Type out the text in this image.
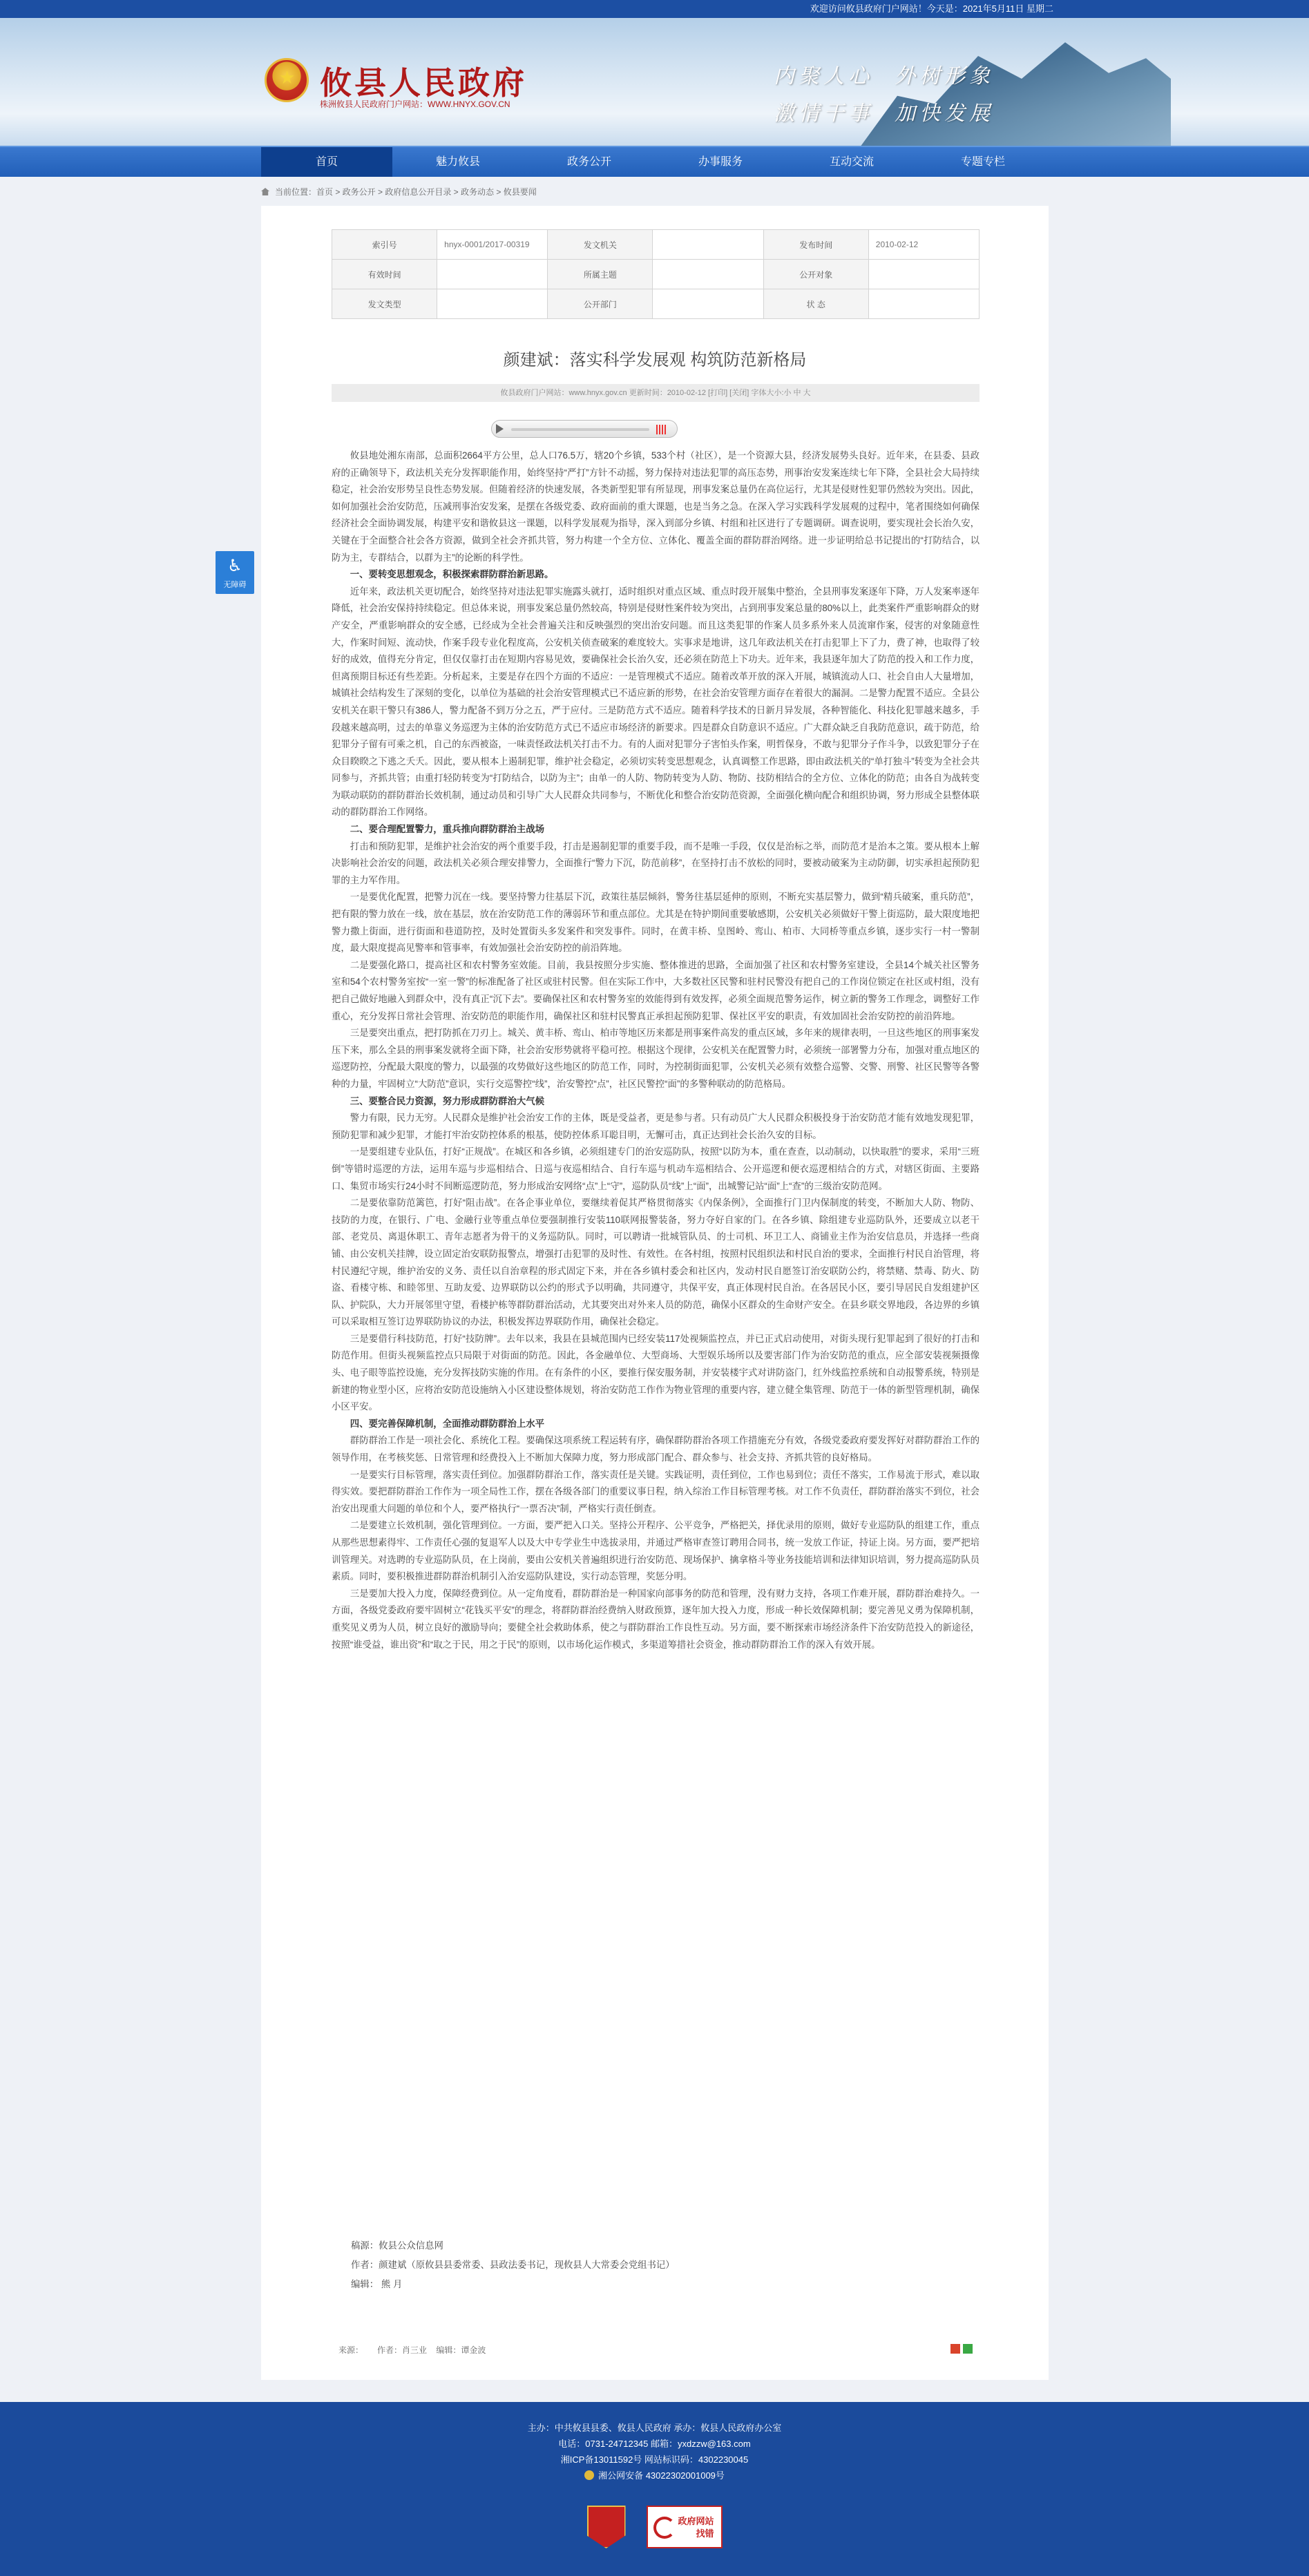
欢迎访问攸县政府门户网站！今天是：2021年5月11日 星期二
★
攸县人民政府
株洲攸县人民政府门户网站：WWW.HNYX.GOV.CN
内聚人心  外树形象
激情干事  加快发展
首页	魅力攸县	政务公开	办事服务	互动交流	专题专栏
当前位置：首页 > 政务公开 > 政府信息公开目录 > 政务动态 > 攸县要闻
♿
无障碍
索引号	hnyx-0001/2017-00319	发文机关		发布时间	2010-02-12
有效时间		所属主题		公开对象	
发文类型		公开部门		状 态	
颜建斌：落实科学发展观 构筑防范新格局
攸县政府门户网站：www.hnyx.gov.cn 更新时间：2010-02-12 [打印] [关闭] 字体大小:小 中 大

攸县地处湘东南部，总面积2664平方公里，总人口76.5万，辖20个乡镇，533个村（社区），是一个资源大县，经济发展势头良好。近年来，在县委、县政府的正确领导下，政法机关充分发挥职能作用，始终坚持“严打”方针不动摇，努力保持对违法犯罪的高压态势，刑事治安发案连续七年下降，全县社会大局持续稳定，社会治安形势呈良性态势发展。但随着经济的快速发展，各类新型犯罪有所显现，刑事发案总量仍在高位运行，尤其是侵财性犯罪仍然较为突出。因此，如何加强社会治安防范，压减刑事治安发案，是摆在各级党委、政府面前的重大课题，也是当务之急。在深入学习实践科学发展观的过程中，笔者围绕如何确保经济社会全面协调发展，构建平安和谐攸县这一课题，以科学发展观为指导，深入到部分乡镇、村组和社区进行了专题调研。调查说明，要实现社会长治久安，关键在于全面整合社会各方资源，做到全社会齐抓共管，努力构建一个全方位、立体化、覆盖全面的群防群治网络。进一步证明给总书记提出的“打防结合，以防为主，专群结合，以群为主”的论断的科学性。

一、要转变思想观念，积极探索群防群治新思路。

近年来，政法机关更切配合，始终坚持对违法犯罪实施露头就打，适时组织对重点区域、重点时段开展集中整治，全县刑事发案逐年下降，万人发案率逐年降低，社会治安保持持续稳定。但总体来说，刑事发案总量仍然较高，特别是侵财性案件较为突出，占到刑事发案总量的80%以上，此类案件严重影响群众的财产安全，严重影响群众的安全感，已经成为全社会普遍关注和反映强烈的突出治安问题。而且这类犯罪的作案人员多系外来人员流窜作案，侵害的对象随意性大，作案时间短、流动快，作案手段专业化程度高，公安机关侦查破案的难度较大。实事求是地讲，这几年政法机关在打击犯罪上下了力，费了神，也取得了较好的成效，值得充分肯定，但仅仅靠打击在短期内容易见效，要确保社会长治久安，还必须在防范上下功夫。近年来，我县逐年加大了防范的投入和工作力度，但离预期目标还有些差距。分析起来，主要是存在四个方面的不适应：一是管理模式不适应。随着改革开放的深入开展，城镇流动人口、社会自由人大量增加，城镇社会结构发生了深刻的变化，以单位为基础的社会治安管理模式已不适应新的形势，在社会治安管理方面存在着很大的漏洞。二是警力配置不适应。全县公安机关在职干警只有386人，警力配备不到万分之五，严于应付。三是防范方式不适应。随着科学技术的日新月异发展，各种智能化、科技化犯罪越来越多，手段越来越高明，过去的单靠义务巡逻为主体的治安防范方式已不适应市场经济的新要求。四是群众自防意识不适应。广大群众缺乏自我防范意识，疏于防范，给犯罪分子留有可乘之机，自己的东西被盗，一味责怪政法机关打击不力。有的人面对犯罪分子害怕头作案，明哲保身，不敢与犯罪分子作斗争，以致犯罪分子在众目睽睽之下逃之夭夭。因此，要从根本上遏制犯罪，维护社会稳定，必须切实转变思想观念，认真调整工作思路，即由政法机关的“单打独斗”转变为全社会共同参与，齐抓共管；由重打轻防转变为“打防结合，以防为主”；由单一的人防、物防转变为人防、物防、技防相结合的全方位、立体化的防范；由各自为战转变为联动联防的群防群治长效机制，通过动员和引导广大人民群众共同参与，不断优化和整合治安防范资源，全面强化横向配合和组织协调，努力形成全县整体联动的群防群治工作网络。

二、要合理配置警力，重兵推向群防群治主战场

打击和预防犯罪，是维护社会治安的两个重要手段，打击是遏制犯罪的重要手段，而不是唯一手段，仅仅是治标之举，而防范才是治本之策。要从根本上解决影响社会治安的问题，政法机关必须合理安排警力，全面推行“警力下沉，防范前移”，在坚持打击不放松的同时，要被动破案为主动防御，切实承担起预防犯罪的主力军作用。

一是要优化配置，把警力沉在一线。要坚持警力往基层下沉，政策往基层倾斜，警务往基层延伸的原则，不断充实基层警力，做到“精兵破案，重兵防范”，把有限的警力放在一线，放在基层，放在治安防范工作的薄弱环节和重点部位。尤其是在特护期间重要敏感期，公安机关必须做好干警上街巡防，最大限度地把警力撒上街面，进行街面和巷道防控，及时处置街头多发案件和突发事件。同时，在黄丰桥、皇图岭、鸾山、柏市、大同桥等重点乡镇，逐步实行一村一警制度，最大限度提高见警率和管事率，有效加强社会治安防控的前沿阵地。

二是要强化路口，提高社区和农村警务室效能。目前，我县按照分步实施、整体推进的思路，全面加强了社区和农村警务室建设，全县14个城关社区警务室和54个农村警务室按“一室一警”的标准配备了社区或驻村民警。但在实际工作中，大多数社区民警和驻村民警没有把自己的工作岗位锁定在社区或村组，没有把自己做好地融入到群众中，没有真正“沉下去”。要确保社区和农村警务室的效能得到有效发挥，必须全面规范警务运作，树立新的警务工作理念，调整好工作重心，充分发挥日常社会管理、治安防范的职能作用，确保社区和驻村民警真正承担起预防犯罪、保社区平安的职责，有效加固社会治安防控的前沿阵地。

三是要突出重点，把打防抓在刀刃上。城关、黄丰桥、鸾山、柏市等地区历来都是刑事案件高发的重点区域，多年来的规律表明，一旦这些地区的刑事案发压下来，那么全县的刑事案发就将全面下降，社会治安形势就将平稳可控。根据这个现律，公安机关在配置警力时，必须统一部署警力分布，加强对重点地区的巡逻防控，分配最大限度的警力，以最强的攻势做好这些地区的防范工作，同时，为控制街面犯罪，公安机关必须有效整合巡警、交警、刑警、社区民警等各警种的力量，牢固树立“大防范”意识，实行交巡警控“线”，治安警控“点”，社区民警控“面”的多警种联动的防范格局。

三、要整合民力资源，努力形成群防群治大气候

警力有限，民力无穷。人民群众是维护社会治安工作的主体，既是受益者，更是参与者。只有动员广大人民群众积极投身于治安防范才能有效地发现犯罪，预防犯罪和减少犯罪，才能打牢治安防控体系的根基，使防控体系耳聪目明，无懈可击，真正达到社会长治久安的目标。

一是要组建专业队伍，打好“正规战”。在城区和各乡镇，必须组建专门的治安巡防队，按照“以防为本，重在查查，以动制动，以快取胜”的要求，采用“三班倒”等错时巡逻的方法，运用车巡与步巡相结合、日巡与夜巡相结合、自行车巡与机动车巡相结合、公开巡逻和便衣巡逻相结合的方式，对辖区街面、主要路口、集贸市场实行24小时不间断巡逻防范，努力形成治安网络“点”上“守”，巡防队员“线”上“面”，出城警记站“面”上“查”的三级治安防范网。

二是要依靠防范篱笆，打好“阻击战”。在各企事业单位，要继续着促其严格贯彻落实《内保条例》，全面推行门卫内保制度的转变，不断加大人防、物防、技防的力度，在银行、广电、金融行业等重点单位要强制推行安装110联网报警装备，努力夺好自家的门。在各乡镇、除组建专业巡防队外，还要成立以老干部、老党员、离退休职工、青年志愿者为骨干的义务巡防队。同时，可以聘请一批城管队员、的士司机、环卫工人、商铺业主作为治安信息员，并选择一些商铺、由公安机关挂牌，设立固定治安联防报警点，增强打击犯罪的及时性、有效性。在各村组，按照村民组织法和村民自治的要求，全面推行村民自治管理，将村民遵纪守规，维护治安的义务、责任以自治章程的形式固定下来，并在各乡镇村委会和社区内，发动村民自愿签订治安联防公约，将禁赌、禁毒、防火、防盗、看楼守栋、和睦邻里、互助友爱、边界联防以公约的形式予以明确，共同遵守，共保平安，真正体现村民自治。在各居民小区，要引导居民自发组建护区队、护院队，大力开展邻里守望，看楼护栋等群防群治活动，尤其要突出对外来人员的防范，确保小区群众的生命财产安全。在县乡联交界地段，各边界的乡镇可以采取相互签订边界联防协议的办法，积极发挥边界联防作用，确保社会稳定。

三是要借行科技防范，打好“技防牌”。去年以来，我县在县城范围内已经安装117处视频监控点，并已正式启动使用，对街头现行犯罪起到了很好的打击和防范作用。但街头视频监控点只局限于对街面的防范。因此，各金融单位、大型商场、大型娱乐场所以及要害部门作为治安防范的重点，应全部安装视频摄像头、电子眼等监控设施，充分发挥技防实施的作用。在有条件的小区，要推行保安服务制，并安装楼宇式对讲防盗门，红外线监控系统和自动报警系统，特别是新建的物业型小区，应将治安防范设施纳入小区建设整体规划，将治安防范工作作为物业管理的重要内容，建立健全集管理、防范于一体的新型管理机制，确保小区平安。

四、要完善保障机制，全面推动群防群治上水平

群防群治工作是一项社会化、系统化工程。要确保这项系统工程运转有序，确保群防群治各项工作措施充分有效，各级党委政府要发挥好对群防群治工作的领导作用，在考核奖惩、日常管理和经费投入上不断加大保障力度，努力形成部门配合、群众参与、社会支持、齐抓共管的良好格局。

一是要实行目标管理，落实责任到位。加强群防群治工作，落实责任是关键。实践证明，责任到位，工作也易到位；责任不落实，工作易流于形式，难以取得实效。要把群防群治工作作为一项全局性工作，摆在各级各部门的重要议事日程，纳入综治工作目标管理考核。对工作不负责任，群防群治落实不到位，社会治安出现重大问题的单位和个人，要严格执行“一票否决”制，严格实行责任倒查。

二是要建立长效机制，强化管理到位。一方面，要严把入口关。坚持公开程序、公平竞争，严格把关，择优录用的原则，做好专业巡防队的组建工作，重点从那些思想素得牢、工作责任心强的复退军人以及大中专学业生中选拔录用，并通过严格审查签订聘用合同书，统一发放工作证，持证上岗。另方面，要严把培训管理关。对选聘的专业巡防队员，在上岗前，要由公安机关普遍组织进行治安防范、现场保护、擒拿格斗等业务技能培训和法律知识培训，努力提高巡防队员素质。同时，要积极推进群防群治机制引入治安巡防队建设，实行动态管理，奖惩分明。

三是要加大投入力度，保障经费到位。从一定角度看，群防群治是一种国家向部事务的防范和管理，没有财力支持，各项工作难开展，群防群治难持久。一方面，各级党委政府要牢固树立“花钱买平安”的理念，将群防群治经费纳入财政预算，逐年加大投入力度，形成一种长效保障机制；要完善见义勇为保障机制，重奖见义勇为人员，树立良好的激励导向；要健全社会救助体系，使之与群防群治工作良性互动。另方面，要不断探索市场经济条件下治安防范投入的新途径，按照“谁受益，谁出资”和“取之于民，用之于民”的原则，以市场化运作模式，多渠道筹措社会资金，推动群防群治工作的深入有效开展。

稿源：攸县公众信息网
作者：颜建斌（原攸县县委常委、县政法委书记，现攸县人大常委会党组书记）
编辑： 熊 月
来源： 作者：肖三业 编辑：谭金波
主办：中共攸县县委、攸县人民政府 承办：攸县人民政府办公室
电话：0731-24712345 邮箱：yxdzzw@163.com
湘ICP备13011592号 网站标识码：4302230045
湘公网安备 43022302001009号
政府网站
找错
